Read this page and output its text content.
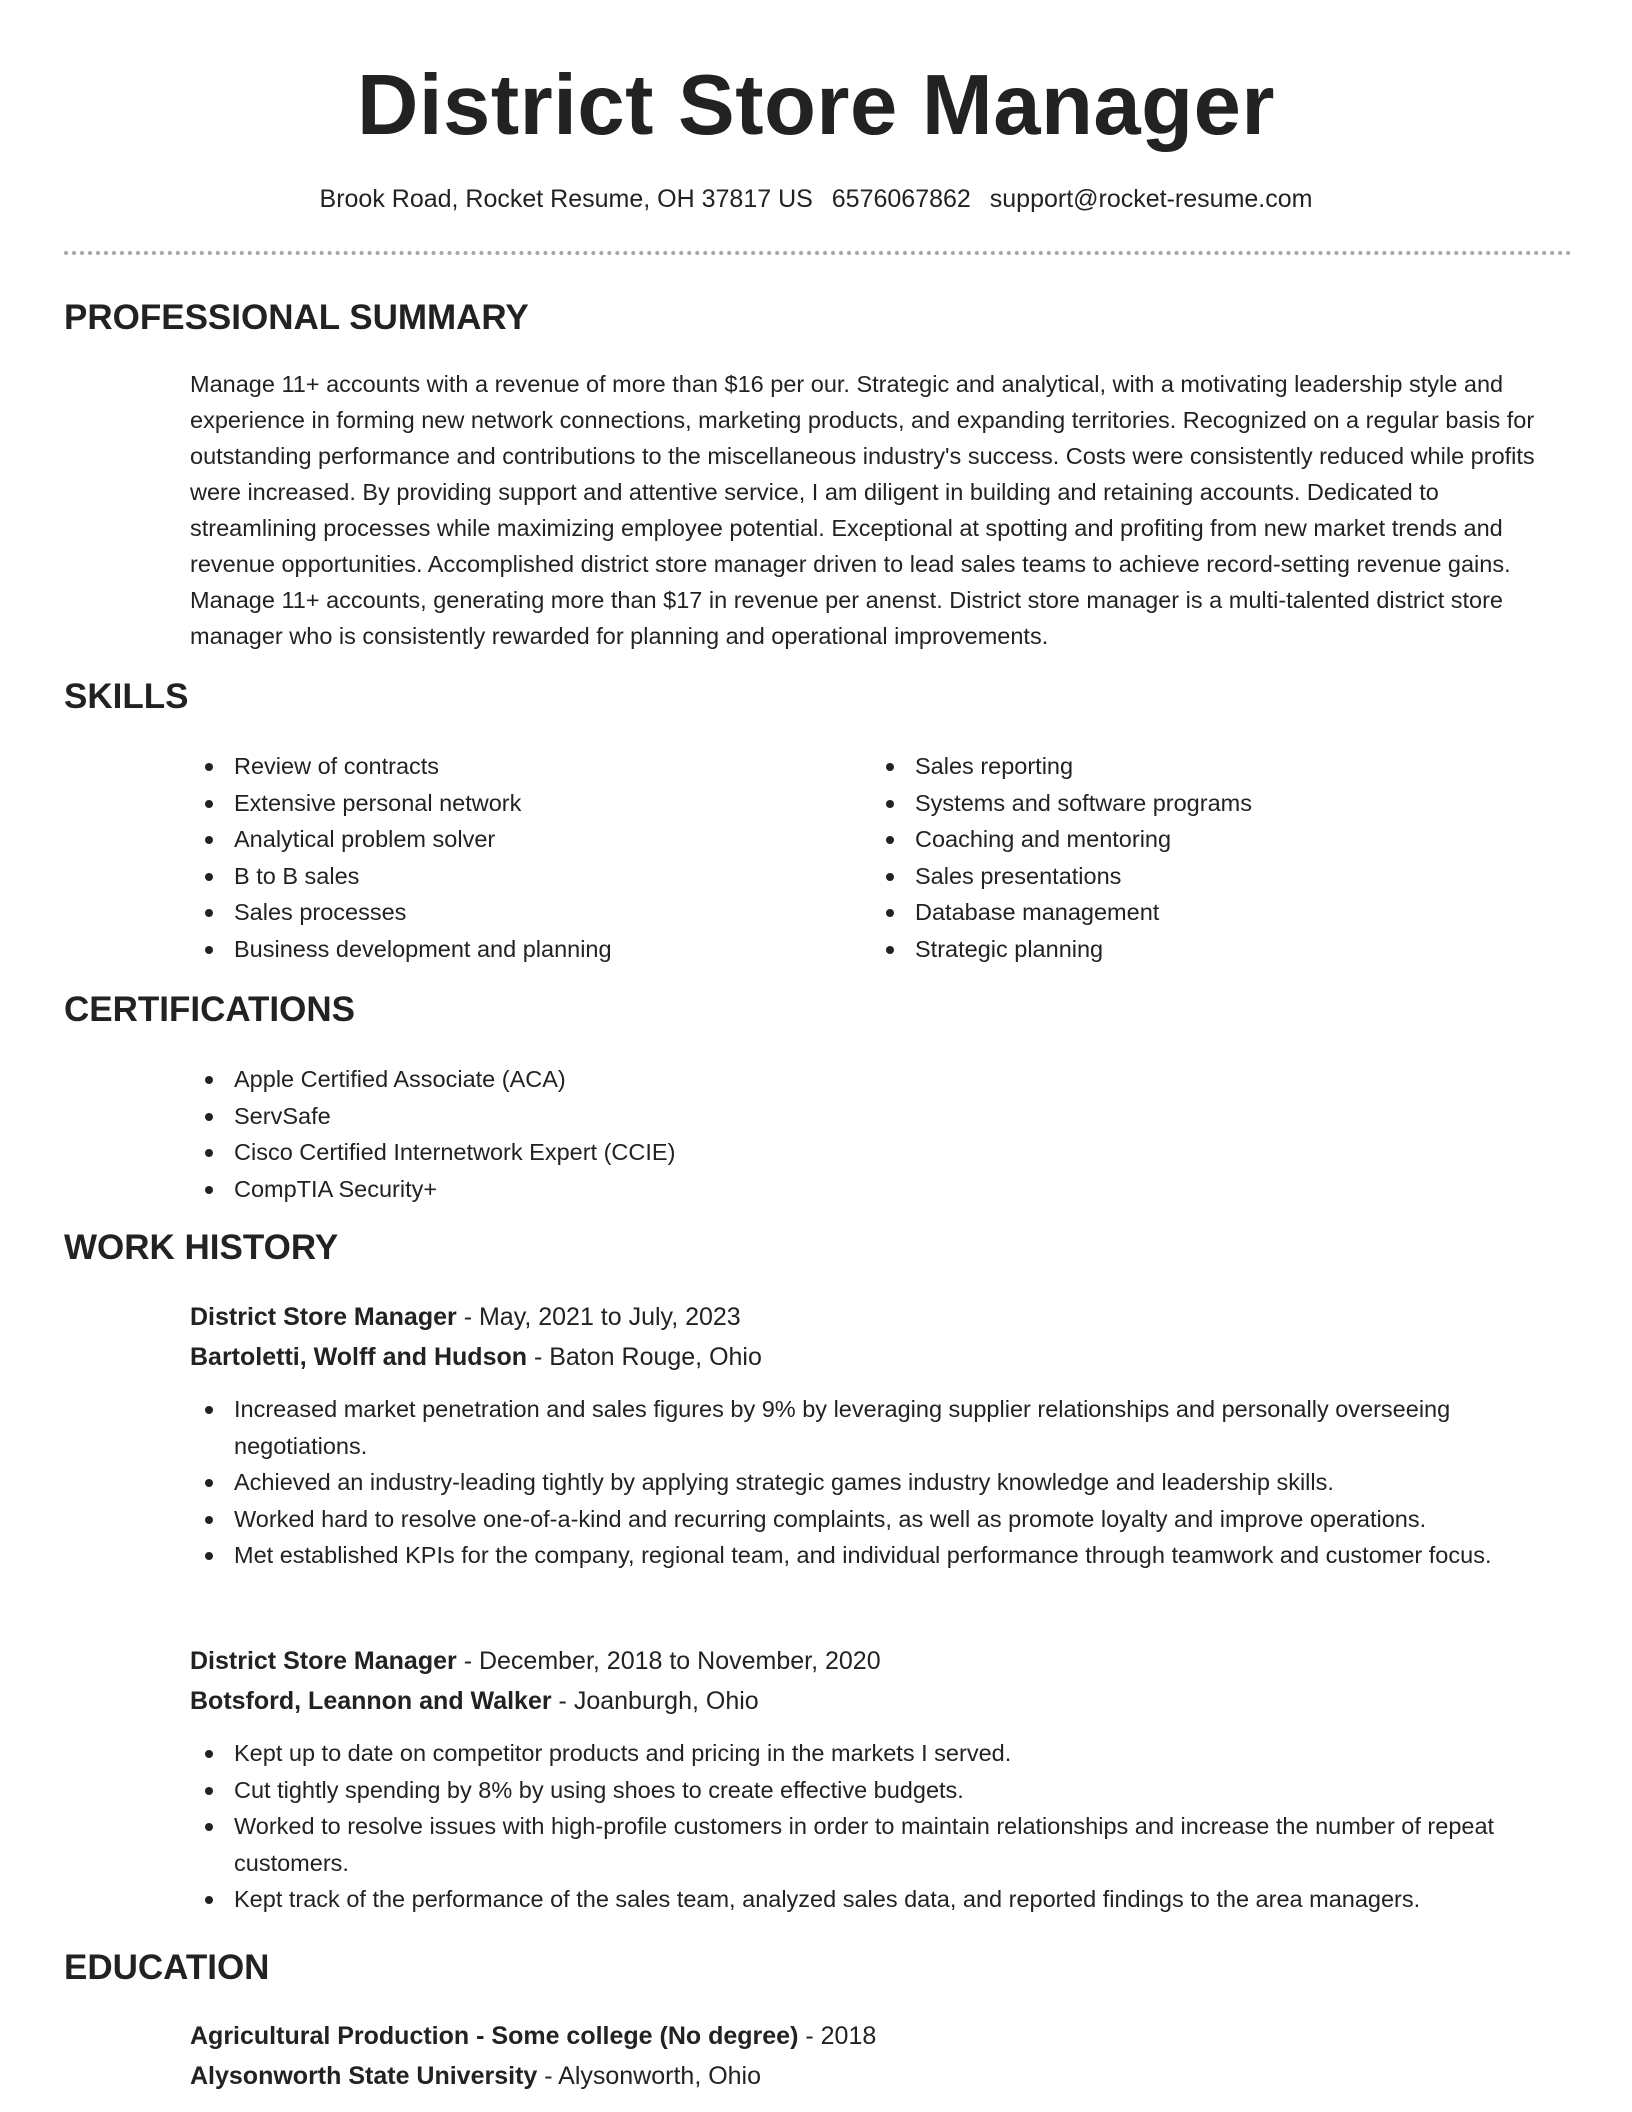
District Store Manager
Brook Road, Rocket Resume, OH 37817 US 6576067862 support@rocket-resume.com
PROFESSIONAL SUMMARY

Manage 11+ accounts with a revenue of more than $16 per our. Strategic and analytical, with a motivating leadership style and experience in forming new network connections, marketing products, and expanding territories. Recognized on a regular basis for outstanding performance and contributions to the miscellaneous industry's success. Costs were consistently reduced while profits were increased. By providing support and attentive service, I am diligent in building and retaining accounts. Dedicated to streamlining processes while maximizing employee potential. Exceptional at spotting and profiting from new market trends and revenue opportunities. Accomplished district store manager driven to lead sales teams to achieve record-setting revenue gains. Manage 11+ accounts, generating more than $17 in revenue per anenst. District store manager is a multi-talented district store manager who is consistently rewarded for planning and operational improvements.

SKILLS
Review of contracts
Extensive personal network
Analytical problem solver
B to B sales
Sales processes
Business development and planning
Sales reporting
Systems and software programs
Coaching and mentoring
Sales presentations
Database management
Strategic planning
CERTIFICATIONS
Apple Certified Associate (ACA)
ServSafe
Cisco Certified Internetwork Expert (CCIE)
CompTIA Security+
WORK HISTORY
District Store Manager - May, 2021 to July, 2023
Bartoletti, Wolff and Hudson - Baton Rouge, Ohio
Increased market penetration and sales figures by 9% by leveraging supplier relationships and personally overseeing negotiations.
Achieved an industry-leading tightly by applying strategic games industry knowledge and leadership skills.
Worked hard to resolve one-of-a-kind and recurring complaints, as well as promote loyalty and improve operations.
Met established KPIs for the company, regional team, and individual performance through teamwork and customer focus.
District Store Manager - December, 2018 to November, 2020
Botsford, Leannon and Walker - Joanburgh, Ohio
Kept up to date on competitor products and pricing in the markets I served.
Cut tightly spending by 8% by using shoes to create effective budgets.
Worked to resolve issues with high-profile customers in order to maintain relationships and increase the number of repeat customers.
Kept track of the performance of the sales team, analyzed sales data, and reported findings to the area managers.
EDUCATION
Agricultural Production - Some college (No degree) - 2018
Alysonworth State University - Alysonworth, Ohio
